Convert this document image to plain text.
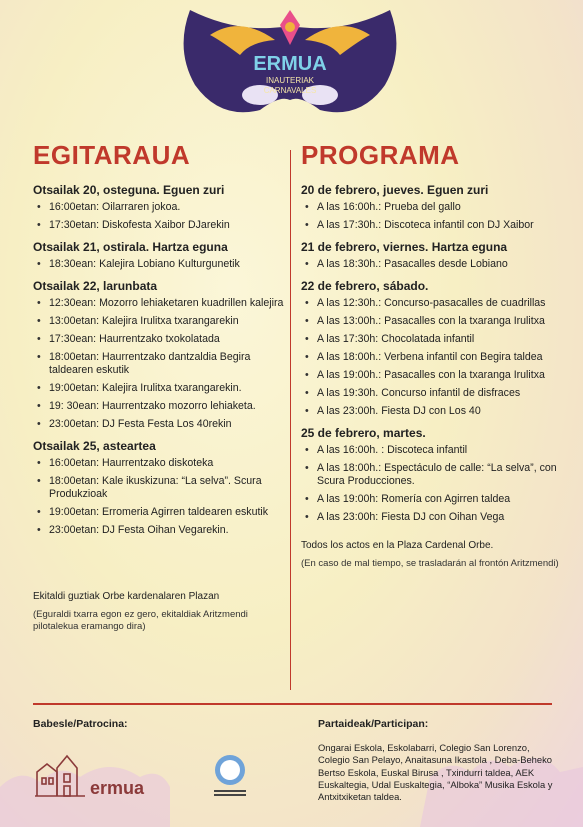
ERMUA
INAUTERIAK
CARNAVALES
EGITARAUA
Otsailak 20, osteguna. Eguen zuri
• 16:00etan: Oilarraren jokoa.
• 17:30etan: Diskofesta Xaibor DJarekin
Otsailak 21, ostirala. Hartza eguna
• 18:30ean: Kalejira Lobiano Kulturgunetik
Otsailak 22, larunbata
• 12:30ean: Mozorro lehiaketaren kuadrillen kalejira
• 13:00etan: Kalejira Irulitxa txarangarekin
• 17:30ean: Haurrentzako txokolatada
• 18:00etan: Haurrentzako dantzaldia Begira taldearen eskutik
• 19:00etan: Kalejira Irulitxa txarangarekin.
• 19: 30ean: Haurrentzako mozorro lehiaketa.
• 23:00etan: DJ Festa Festa Los 40rekin
Otsailak 25, asteartea
• 16:00etan: Haurrentzako diskoteka
• 18:00etan: Kale ikuskizuna: “La selva”. Scura Produkzioak
• 19:00etan: Erromeria Agirren taldearen eskutik
• 23:00etan: DJ Festa Oihan Vegarekin.
Ekitaldi guztiak Orbe kardenalaren Plazan
(Eguraldi txarra egon ez gero, ekitaldiak Aritzmendi pilotalekua eramango dira)
PROGRAMA
20 de febrero, jueves. Eguen zuri
• A las 16:00h.: Prueba del gallo
• A las 17:30h.: Discoteca infantil con DJ Xaibor
21 de febrero, viernes. Hartza eguna
• A las 18:30h.: Pasacalles desde Lobiano
22 de febrero, sábado.
• A las 12:30h.: Concurso-pasacalles de cuadrillas
• A las 13:00h.: Pasacalles con la txaranga Irulitxa
• A las 17:30h: Chocolatada infantil
• A las 18:00h.: Verbena infantil con Begira taldea
• A las 19:00h.: Pasacalles con la txaranga Irulitxa
• A las 19:30h. Concurso infantil de disfraces
• A las 23:00h. Fiesta DJ con Los 40
25 de febrero, martes.
• A las 16:00h. : Discoteca infantil
• A las 18:00h.: Espectáculo de calle: “La selva”, con Scura Producciones.
• A las 19:00h: Romería con Agirren taldea
• A las 23:00h: Fiesta DJ con Oihan Vega
Todos los actos en la Plaza Cardenal Orbe.
(En caso de mal tiempo, se trasladarán al frontón Aritzmendi)
Babesle/Patrocina:
ermua
Partaideak/Participan:
Ongarai Eskola, Eskolabarri, Colegio San Lorenzo, Colegio San Pelayo, Anaitasuna Ikastola , Deba-Beheko Bertso Eskola, Euskal Birusa , Txindurri taldea, AEK Euskaltegia, Udal Euskaltegia, “Alboka” Musika Eskola y Antxitxiketan taldea.
